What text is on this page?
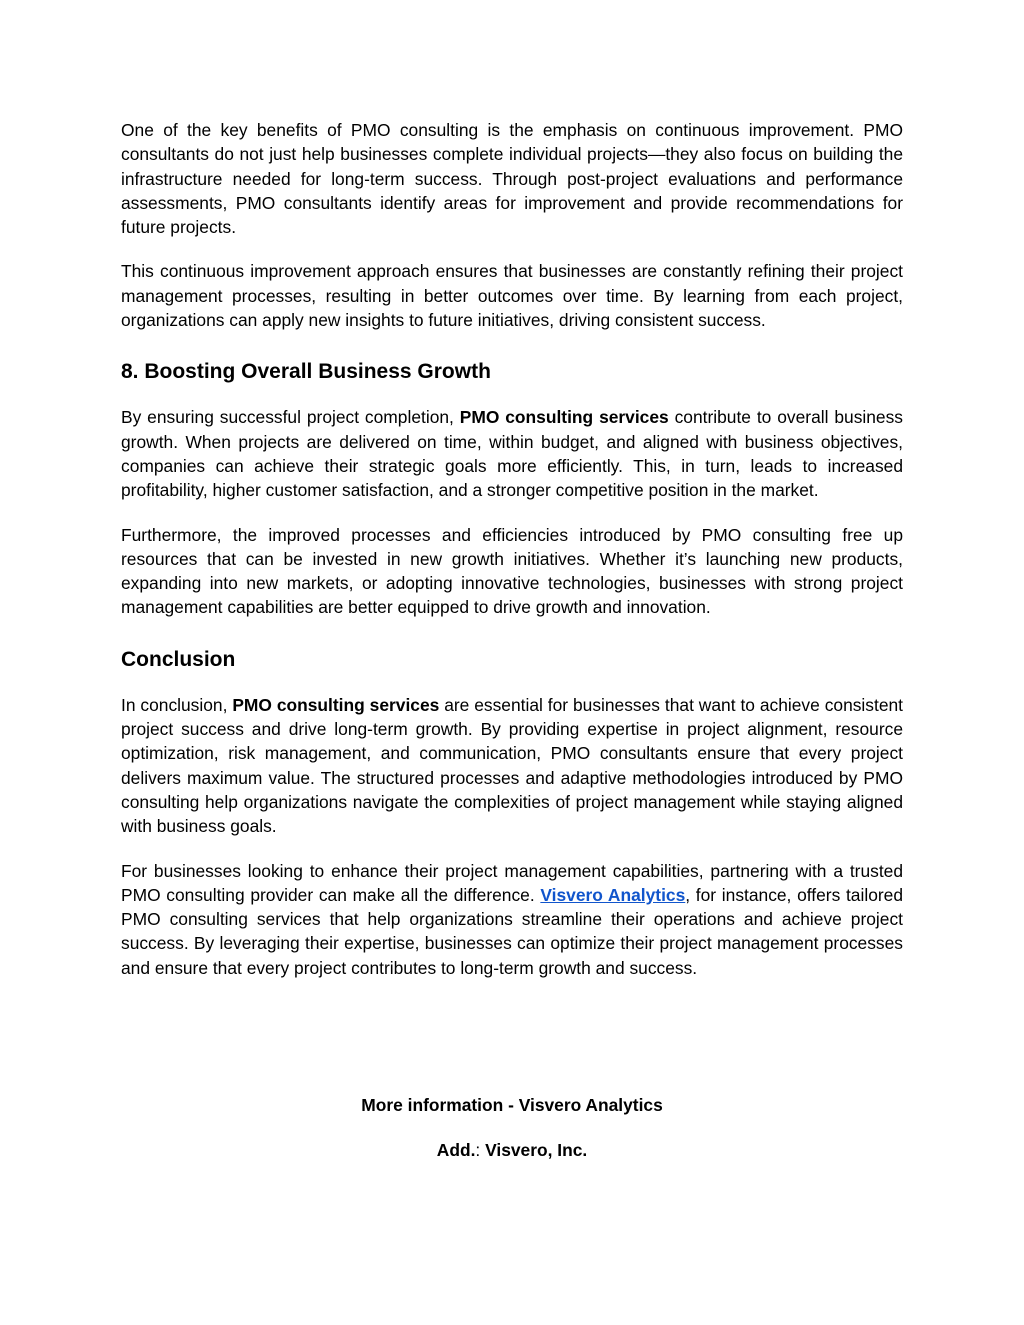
One of the key benefits of PMO consulting is the emphasis on continuous improvement. PMO consultants do not just help businesses complete individual projects—they also focus on building the infrastructure needed for long-term success. Through post-project evaluations and performance assessments, PMO consultants identify areas for improvement and provide recommendations for future projects.

This continuous improvement approach ensures that businesses are constantly refining their project management processes, resulting in better outcomes over time. By learning from each project, organizations can apply new insights to future initiatives, driving consistent success.

8. Boosting Overall Business Growth

By ensuring successful project completion, PMO consulting services contribute to overall business growth. When projects are delivered on time, within budget, and aligned with business objectives, companies can achieve their strategic goals more efficiently. This, in turn, leads to increased profitability, higher customer satisfaction, and a stronger competitive position in the market.

Furthermore, the improved processes and efficiencies introduced by PMO consulting free up resources that can be invested in new growth initiatives. Whether it’s launching new products, expanding into new markets, or adopting innovative technologies, businesses with strong project management capabilities are better equipped to drive growth and innovation.

Conclusion

In conclusion, PMO consulting services are essential for businesses that want to achieve consistent project success and drive long-term growth. By providing expertise in project alignment, resource optimization, risk management, and communication, PMO consultants ensure that every project delivers maximum value. The structured processes and adaptive methodologies introduced by PMO consulting help organizations navigate the complexities of project management while staying aligned with business goals.

For businesses looking to enhance their project management capabilities, partnering with a trusted PMO consulting provider can make all the difference. Visvero Analytics, for instance, offers tailored PMO consulting services that help organizations streamline their operations and achieve project success. By leveraging their expertise, businesses can optimize their project management processes and ensure that every project contributes to long-term growth and success.

More information - Visvero Analytics
Add.: Visvero, Inc.
